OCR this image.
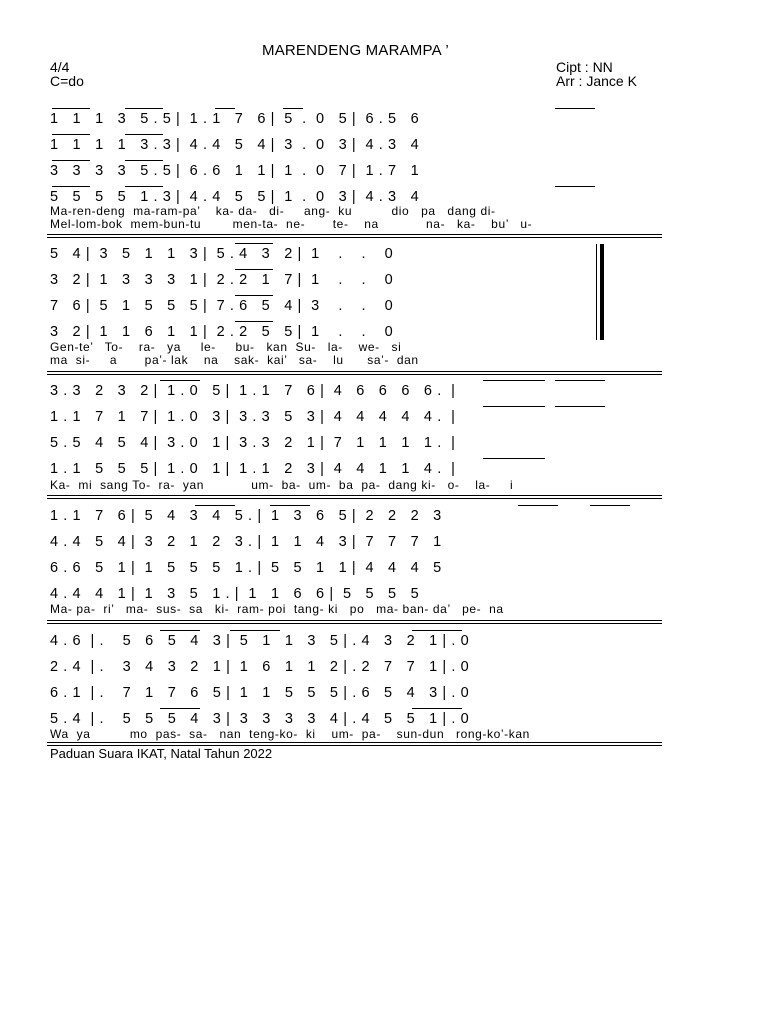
MARENDENG MARAMPA ’
4/4
C=do
Cipt : NN
Arr : Jance K
1   1   1   3   5 . 5 |  1 . 1   7   6 |  5  .  0   5 |  6 . 5   6
1   1   1   1   3 . 3 |  4 . 4   5   4 |  3  .  0   3 |  4 . 3   4
3   3   3   3   5 . 5 |  6 . 6   1   1 |  1  .  0   7 |  1 . 7   1
5   5   5   5   1 . 3 |  4 . 4   5   5 |  1  .  0   3 |  4 . 3   4
Ma-ren-deng  ma-ram-pa’    ka- da-   di-     ang-  ku          dio   pa   dang di-
Mel-lom-bok  mem-bun-tu        men-ta-  ne-       te-    na            na-   ka-    bu’   u-
5   4 |  3   5   1   1   3 |  5 . 4   3   2 |  1    .    .    0
3   2 |  1   3   3   3   1 |  2 . 2   1   7 |  1    .    .    0
7   6 |  5   1   5   5   5 |  7 . 6   5   4 |  3    .    .    0
3   2 |  1   1   6   1   1 |  2 . 2   5   5 |  1    .    .    0
Gen-te’   To-    ra-   ya     le-     bu-   kan  Su-   la-    we-   si
ma  si-     a       pa’- lak    na    sak-  kai’   sa-    lu      sa’-  dan
3 . 3   2   3   2 |  1 . 0   5 |  1 . 1   7   6 |  4   6   6   6   6 .  |
1 . 1   7   1   7 |  1 . 0   3 |  3 . 3   5   3 |  4   4   4   4   4 .  |
5 . 5   4   5   4 |  3 . 0   1 |  3 . 3   2   1 |  7   1   1   1   1 .  |
1 . 1   5   5   5 |  1 . 0   1 |  1 . 1   2   3 |  4   4   1   1   4 .  |
Ka-  mi  sang To-  ra-  yan            um-  ba-  um-  ba  pa-  dang ki-   o-    la-     i
1 . 1   7   6 |  5   4   3   4   5 . |  1   3   6   5 |  2   2   2   3
4 . 4   5   4 |  3   2   1   2   3 . |  1   1   4   3 |  7   7   7   1
6 . 6   5   1 |  1   5   5   5   1 . |  5   5   1   1 |  4   4   4   5
4 . 4   4   1 |  1   3   5   1 . |  1   1   6   6 |  5   5   5   5
Ma- pa-  ri’   ma-  sus-  sa   ki-  ram- poi  tang- ki   po   ma- ban- da’   pe-  na
4 . 6  | .    5   6   5   4   3 |  5   1   1   3   5 | . 4   3   2   1 | . 0
2 . 4  | .    3   4   3   2   1 |  1   6   1   1   2 | . 2   7   7   1 | . 0
6 . 1  | .    7   1   7   6   5 |  1   1   5   5   5 | . 6   5   4   3 | . 0
5 . 4  | .    5   5   5   4   3 |  3   3   3   3   4 | . 4   5   5   1 | . 0
Wa  ya          mo  pas-  sa-   nan  teng-ko-  ki    um-  pa-    sun-dun   rong-ko’-kan
Paduan Suara IKAT, Natal Tahun 2022
